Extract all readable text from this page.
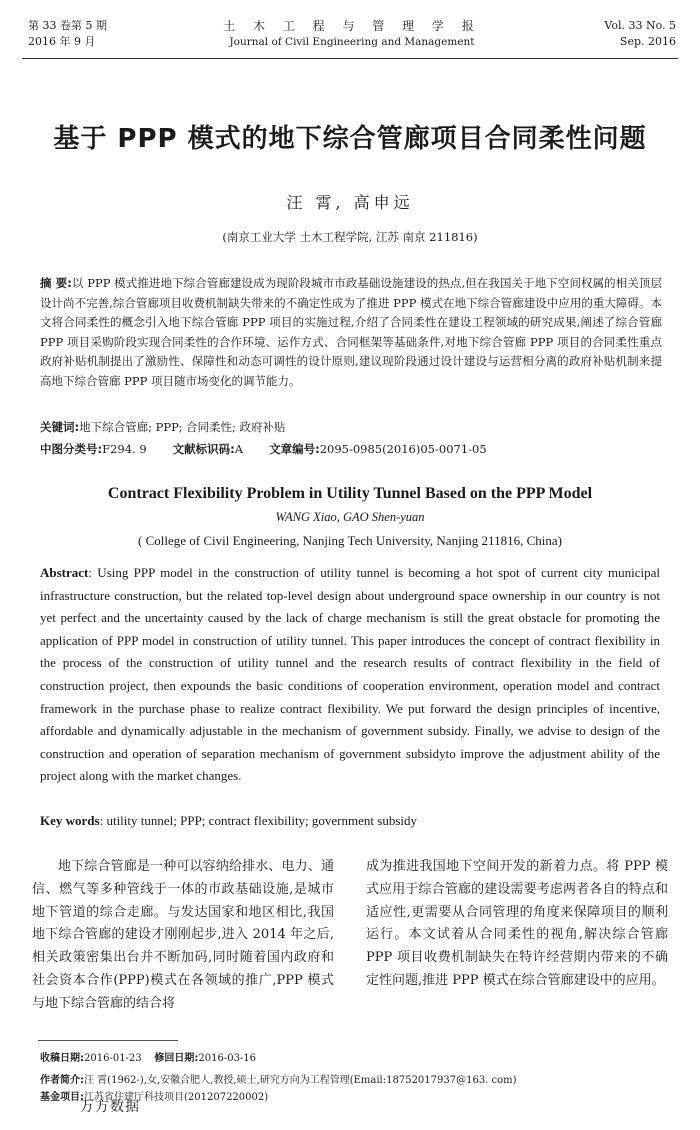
第 33 卷第 5 期
2016 年 9 月
土 木 工 程 与 管 理 学 报
Journal of Civil Engineering and Management
Vol. 33 No. 5
Sep. 2016
基于 PPP 模式的地下综合管廊项目合同柔性问题
汪 霄, 高申远
(南京工业大学 土木工程学院, 江苏 南京 211816)
摘 要:以 PPP 模式推进地下综合管廊建设成为现阶段城市市政基础设施建设的热点,但在我国关于地下空间权属的相关顶层设计尚不完善,综合管廊项目收费机制缺失带来的不确定性成为了推进 PPP 模式在地下综合管廊建设中应用的重大障碍。本文将合同柔性的概念引入地下综合管廊 PPP 项目的实施过程,介绍了合同柔性在建设工程领域的研究成果,阐述了综合管廊 PPP 项目采购阶段实现合同柔性的合作环境、运作方式、合同框架等基础条件,对地下综合管廊 PPP 项目的合同柔性重点政府补贴机制提出了激励性、保障性和动态可调性的设计原则,建议现阶段通过设计建设与运营相分离的政府补贴机制来提高地下综合管廊 PPP 项目随市场变化的调节能力。
关键词:地下综合管廊; PPP; 合同柔性; 政府补贴
中图分类号:F294. 9 文献标识码:A 文章编号:2095-0985(2016)05-0071-05
Contract Flexibility Problem in Utility Tunnel Based on the PPP Model
WANG Xiao, GAO Shen-yuan
( College of Civil Engineering, Nanjing Tech University, Nanjing 211816, China)
Abstract: Using PPP model in the construction of utility tunnel is becoming a hot spot of current city municipal infrastructure construction, but the related top-level design about underground space ownership in our country is not yet perfect and the uncertainty caused by the lack of charge mechanism is still the great obstacle for promoting the application of PPP model in construction of utility tunnel. This paper introduces the concept of contract flexibility in the process of the construction of utility tunnel and the research results of contract flexibility in the field of construction project, then expounds the basic conditions of cooperation environment, operation model and contract framework in the purchase phase to realize contract flexibility. We put forward the design principles of incentive, affordable and dynamically adjustable in the mechanism of government subsidy. Finally, we advise to design of the construction and operation of separation mechanism of government subsidyto improve the adjustment ability of the project along with the market changes.
Key words: utility tunnel; PPP; contract flexibility; government subsidy
地下综合管廊是一种可以容纳给排水、电力、通信、燃气等多种管线于一体的市政基础设施,是城市地下管道的综合走廊。与发达国家和地区相比,我国地下综合管廊的建设才刚刚起步,进入 2014 年之后,相关政策密集出台并不断加码,同时随着国内政府和社会资本合作(PPP)模式在各领域的推广,PPP 模式与地下综合管廊的结合将
成为推进我国地下空间开发的新着力点。将 PPP 模式应用于综合管廊的建设需要考虑两者各自的特点和适应性,更需要从合同管理的角度来保障项目的顺利运行。本文试着从合同柔性的视角,解决综合管廊 PPP 项目收费机制缺失在特许经营期内带来的不确定性问题,推进 PPP 模式在综合管廊建设中的应用。
收稿日期:2016-01-23 修回日期:2016-03-16
作者简介:汪 霄(1962-),女,安徽合肥人,教授,硕士,研究方向为工程管理(Email:18752017937@163. com)
基金项目:江苏省住建厅科技项目(201207220002)
万方数据
